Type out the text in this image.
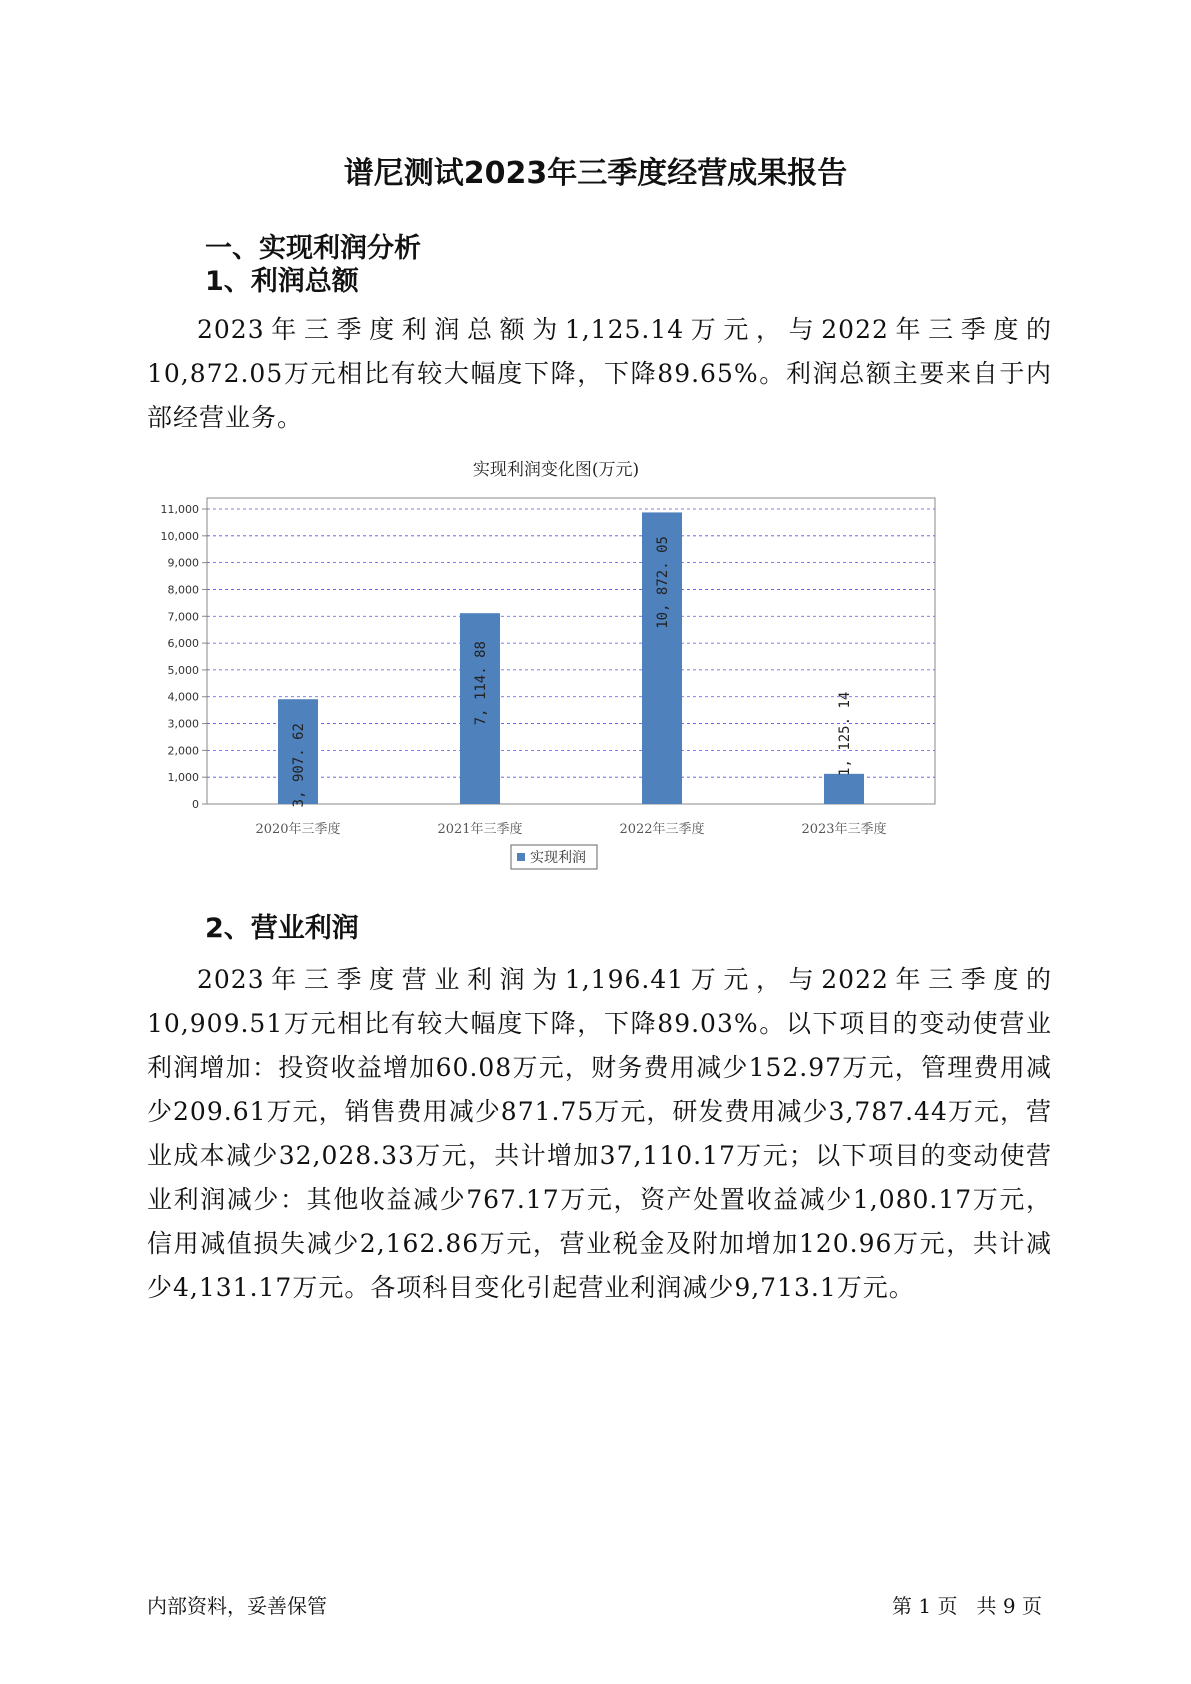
谱尼测试2023年三季度经营成果报告
一、实现利润分析
1、利润总额

2023年三季度利润总额为1,125.14万元，与2022年三季度的10,872.05万元相比有较大幅度下降，下降89.65%。利润总额主要来自于内部经营业务。

实现利润变化图(万元)
0
1,000
2,000
3,000
4,000
5,000
6,000
7,000
8,000
9,000
10,000
11,000
3, 907. 62
2020年三季度
7, 114. 88
2021年三季度
10, 872. 05
2022年三季度
1, 125. 14
2023年三季度
实现利润
2、营业利润

2023年三季度营业利润为1,196.41万元，与2022年三季度的10,909.51万元相比有较大幅度下降，下降89.03%。以下项目的变动使营业利润增加：投资收益增加60.08万元，财务费用减少152.97万元，管理费用减少209.61万元，销售费用减少871.75万元，研发费用减少3,787.44万元，营业成本减少32,028.33万元，共计增加37,110.17万元；以下项目的变动使营业利润减少：其他收益减少767.17万元，资产处置收益减少1,080.17万元，信用减值损失减少2,162.86万元，营业税金及附加增加120.96万元，共计减少4,131.17万元。各项科目变化引起营业利润减少9,713.1万元。

内部资料，妥善保管	第 1 页   共 9 页
